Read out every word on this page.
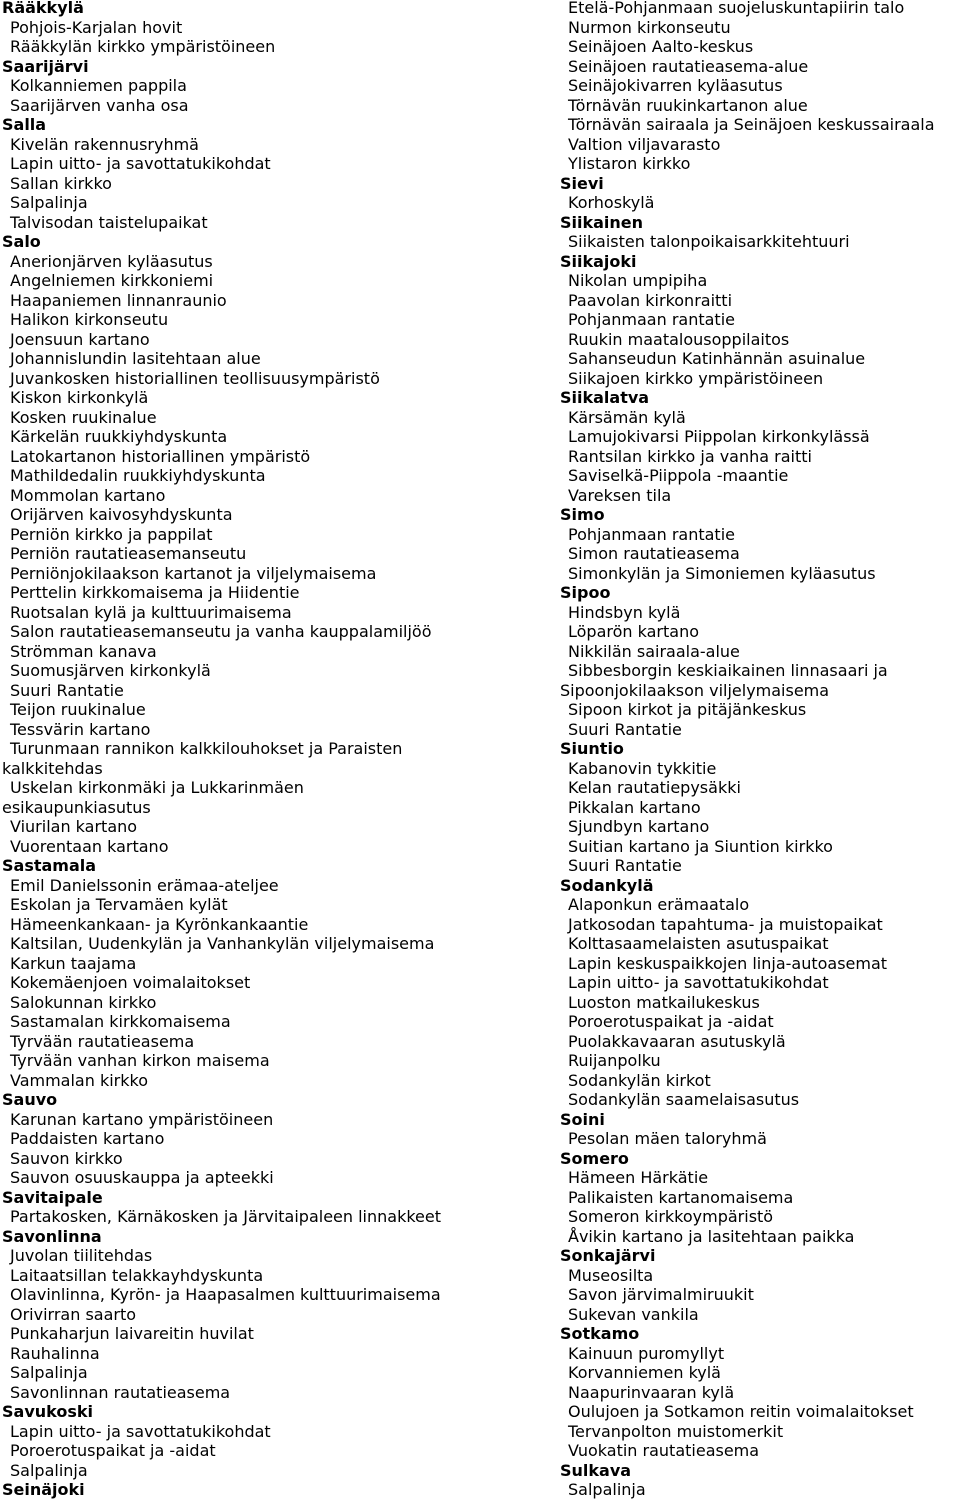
Rääkkylä
Pohjois-Karjalan hovit
Rääkkylän kirkko ympäristöineen
Saarijärvi
Kolkanniemen pappila
Saarijärven vanha osa
Salla
Kivelän rakennusryhmä
Lapin uitto- ja savottatukikohdat
Sallan kirkko
Salpalinja
Talvisodan taistelupaikat
Salo
Anerionjärven kyläasutus
Angelniemen kirkkoniemi
Haapaniemen linnanraunio
Halikon kirkonseutu
Joensuun kartano
Johannislundin lasitehtaan alue
Juvankosken historiallinen teollisuusympäristö
Kiskon kirkonkylä
Kosken ruukinalue
Kärkelän ruukkiyhdyskunta
Latokartanon historiallinen ympäristö
Mathildedalin ruukkiyhdyskunta
Mommolan kartano
Orijärven kaivosyhdyskunta
Perniön kirkko ja pappilat
Perniön rautatieasemanseutu
Perniönjokilaakson kartanot ja viljelymaisema
Perttelin kirkkomaisema ja Hiidentie
Ruotsalan kylä ja kulttuurimaisema
Salon rautatieasemanseutu ja vanha kauppalamiljöö
Strömman kanava
Suomusjärven kirkonkylä
Suuri Rantatie
Teijon ruukinalue
Tessvärin kartano
Turunmaan rannikon kalkkilouhokset ja Paraisten
kalkkitehdas
Uskelan kirkonmäki ja Lukkarinmäen
esikaupunkiasutus
Viurilan kartano
Vuorentaan kartano
Sastamala
Emil Danielssonin erämaa-ateljee
Eskolan ja Tervamäen kylät
Hämeenkankaan- ja Kyrönkankaantie
Kaltsilan, Uudenkylän ja Vanhankylän viljelymaisema
Karkun taajama
Kokemäenjoen voimalaitokset
Salokunnan kirkko
Sastamalan kirkkomaisema
Tyrvään rautatieasema
Tyrvään vanhan kirkon maisema
Vammalan kirkko
Sauvo
Karunan kartano ympäristöineen
Paddaisten kartano
Sauvon kirkko
Sauvon osuuskauppa ja apteekki
Savitaipale
Partakosken, Kärnäkosken ja Järvitaipaleen linnakkeet
Savonlinna
Juvolan tiilitehdas
Laitaatsillan telakkayhdyskunta
Olavinlinna, Kyrön- ja Haapasalmen kulttuurimaisema
Orivirran saarto
Punkaharjun laivareitin huvilat
Rauhalinna
Salpalinja
Savonlinnan rautatieasema
Savukoski
Lapin uitto- ja savottatukikohdat
Poroerotuspaikat ja -aidat
Salpalinja
Seinäjoki
Etelä-Pohjanmaan suojeluskuntapiirin talo
Nurmon kirkonseutu
Seinäjoen Aalto-keskus
Seinäjoen rautatieasema-alue
Seinäjokivarren kyläasutus
Törnävän ruukinkartanon alue
Törnävän sairaala ja Seinäjoen keskussairaala
Valtion viljavarasto
Ylistaron kirkko
Sievi
Korhoskylä
Siikainen
Siikaisten talonpoikaisarkkitehtuuri
Siikajoki
Nikolan umpipiha
Paavolan kirkonraitti
Pohjanmaan rantatie
Ruukin maatalousoppilaitos
Sahanseudun Katinhännän asuinalue
Siikajoen kirkko ympäristöineen
Siikalatva
Kärsämän kylä
Lamujokivarsi Piippolan kirkonkylässä
Rantsilan kirkko ja vanha raitti
Saviselkä-Piippola -maantie
Vareksen tila
Simo
Pohjanmaan rantatie
Simon rautatieasema
Simonkylän ja Simoniemen kyläasutus
Sipoo
Hindsbyn kylä
Löparön kartano
Nikkilän sairaala-alue
Sibbesborgin keskiaikainen linnasaari ja
Sipoonjokilaakson viljelymaisema
Sipoon kirkot ja pitäjänkeskus
Suuri Rantatie
Siuntio
Kabanovin tykkitie
Kelan rautatiepysäkki
Pikkalan kartano
Sjundbyn kartano
Suitian kartano ja Siuntion kirkko
Suuri Rantatie
Sodankylä
Alaponkun erämaatalo
Jatkosodan tapahtuma- ja muistopaikat
Kolttasaamelaisten asutuspaikat
Lapin keskuspaikkojen linja-autoasemat
Lapin uitto- ja savottatukikohdat
Luoston matkailukeskus
Poroerotuspaikat ja -aidat
Puolakkavaaran asutuskylä
Ruijanpolku
Sodankylän kirkot
Sodankylän saamelaisasutus
Soini
Pesolan mäen taloryhmä
Somero
Hämeen Härkätie
Palikaisten kartanomaisema
Someron kirkkoympäristö
Åvikin kartano ja lasitehtaan paikka
Sonkajärvi
Museosilta
Savon järvimalmiruukit
Sukevan vankila
Sotkamo
Kainuun puromyllyt
Korvanniemen kylä
Naapurinvaaran kylä
Oulujoen ja Sotkamon reitin voimalaitokset
Tervanpolton muistomerkit
Vuokatin rautatieasema
Sulkava
Salpalinja
